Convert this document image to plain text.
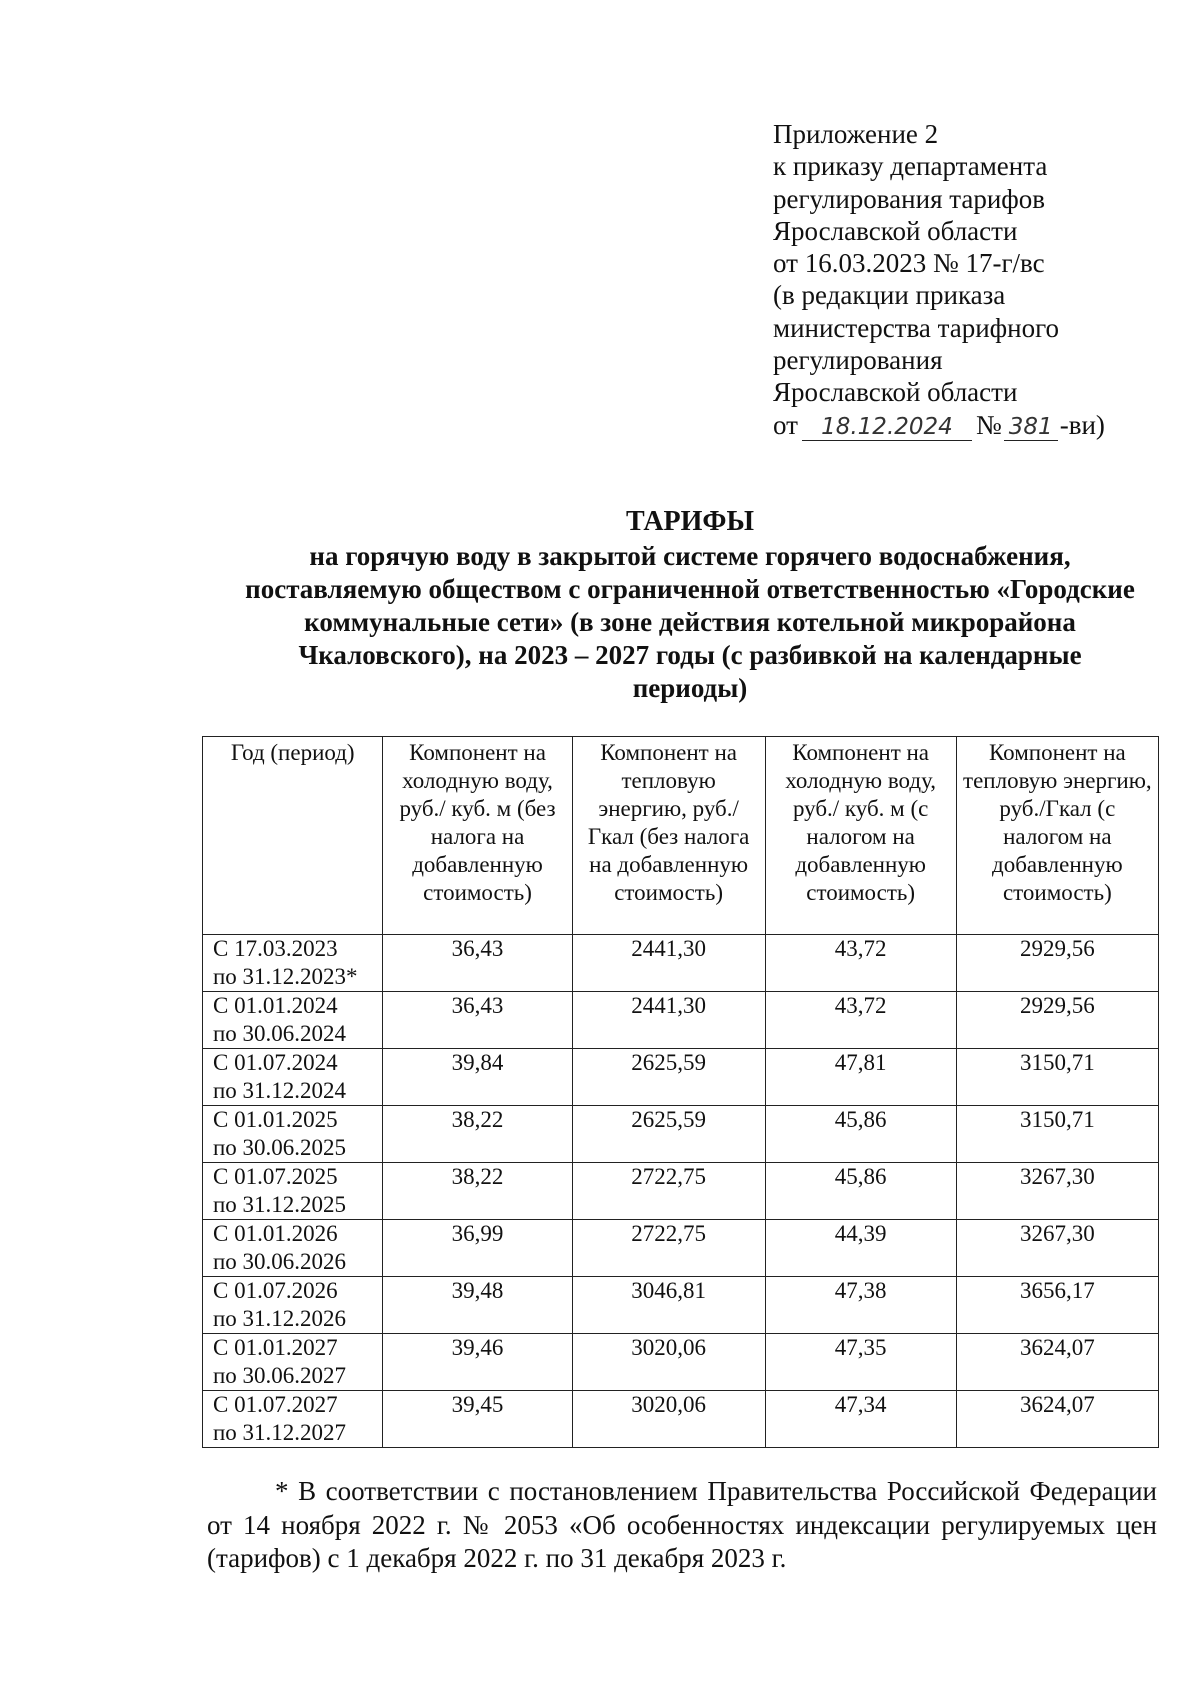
Приложение 2
к приказу департамента
регулирования тарифов
Ярославской области
от 16.03.2023 № 17-г/вс
(в редакции приказа
министерства тарифного
регулирования
Ярославской области
от 18.12.2024 № 381 -ви)
ТАРИФЫ
на горячую воду в закрытой системе горячего водоснабжения,
поставляемую обществом с ограниченной ответственностью «Городские
коммунальные сети» (в зоне действия котельной микрорайона
Чкаловского), на 2023 – 2027 годы (с разбивкой на календарные
периоды)
Год (период)	Компонент на холодную воду, руб./ куб. м (без налога на добавленную стоимость)	Компонент на тепловую энергию, руб./Гкал (без налога на добавленную стоимость)	Компонент на холодную воду, руб./ куб. м (с налогом на добавленную стоимость)	Компонент на тепловую энергию, руб./Гкал (с налогом на добавленную стоимость)

С 17.03.2023
по 31.12.2023*	36,43	2441,30	43,72	2929,56

С 01.01.2024
по 30.06.2024	36,43	2441,30	43,72	2929,56

С 01.07.2024
по 31.12.2024	39,84	2625,59	47,81	3150,71

С 01.01.2025
по 30.06.2025	38,22	2625,59	45,86	3150,71

С 01.07.2025
по 31.12.2025	38,22	2722,75	45,86	3267,30

С 01.01.2026
по 30.06.2026	36,99	2722,75	44,39	3267,30

С 01.07.2026
по 31.12.2026	39,48	3046,81	47,38	3656,17

С 01.01.2027
по 30.06.2027	39,46	3020,06	47,35	3624,07

С 01.07.2027
по 31.12.2027	39,45	3020,06	47,34	3624,07
* В соответствии с постановлением Правительства Российской Федерации от 14 ноября 2022 г. № 2053 «Об особенностях индексации регулируемых цен (тарифов) с 1 декабря 2022 г. по 31 декабря 2023 г.
